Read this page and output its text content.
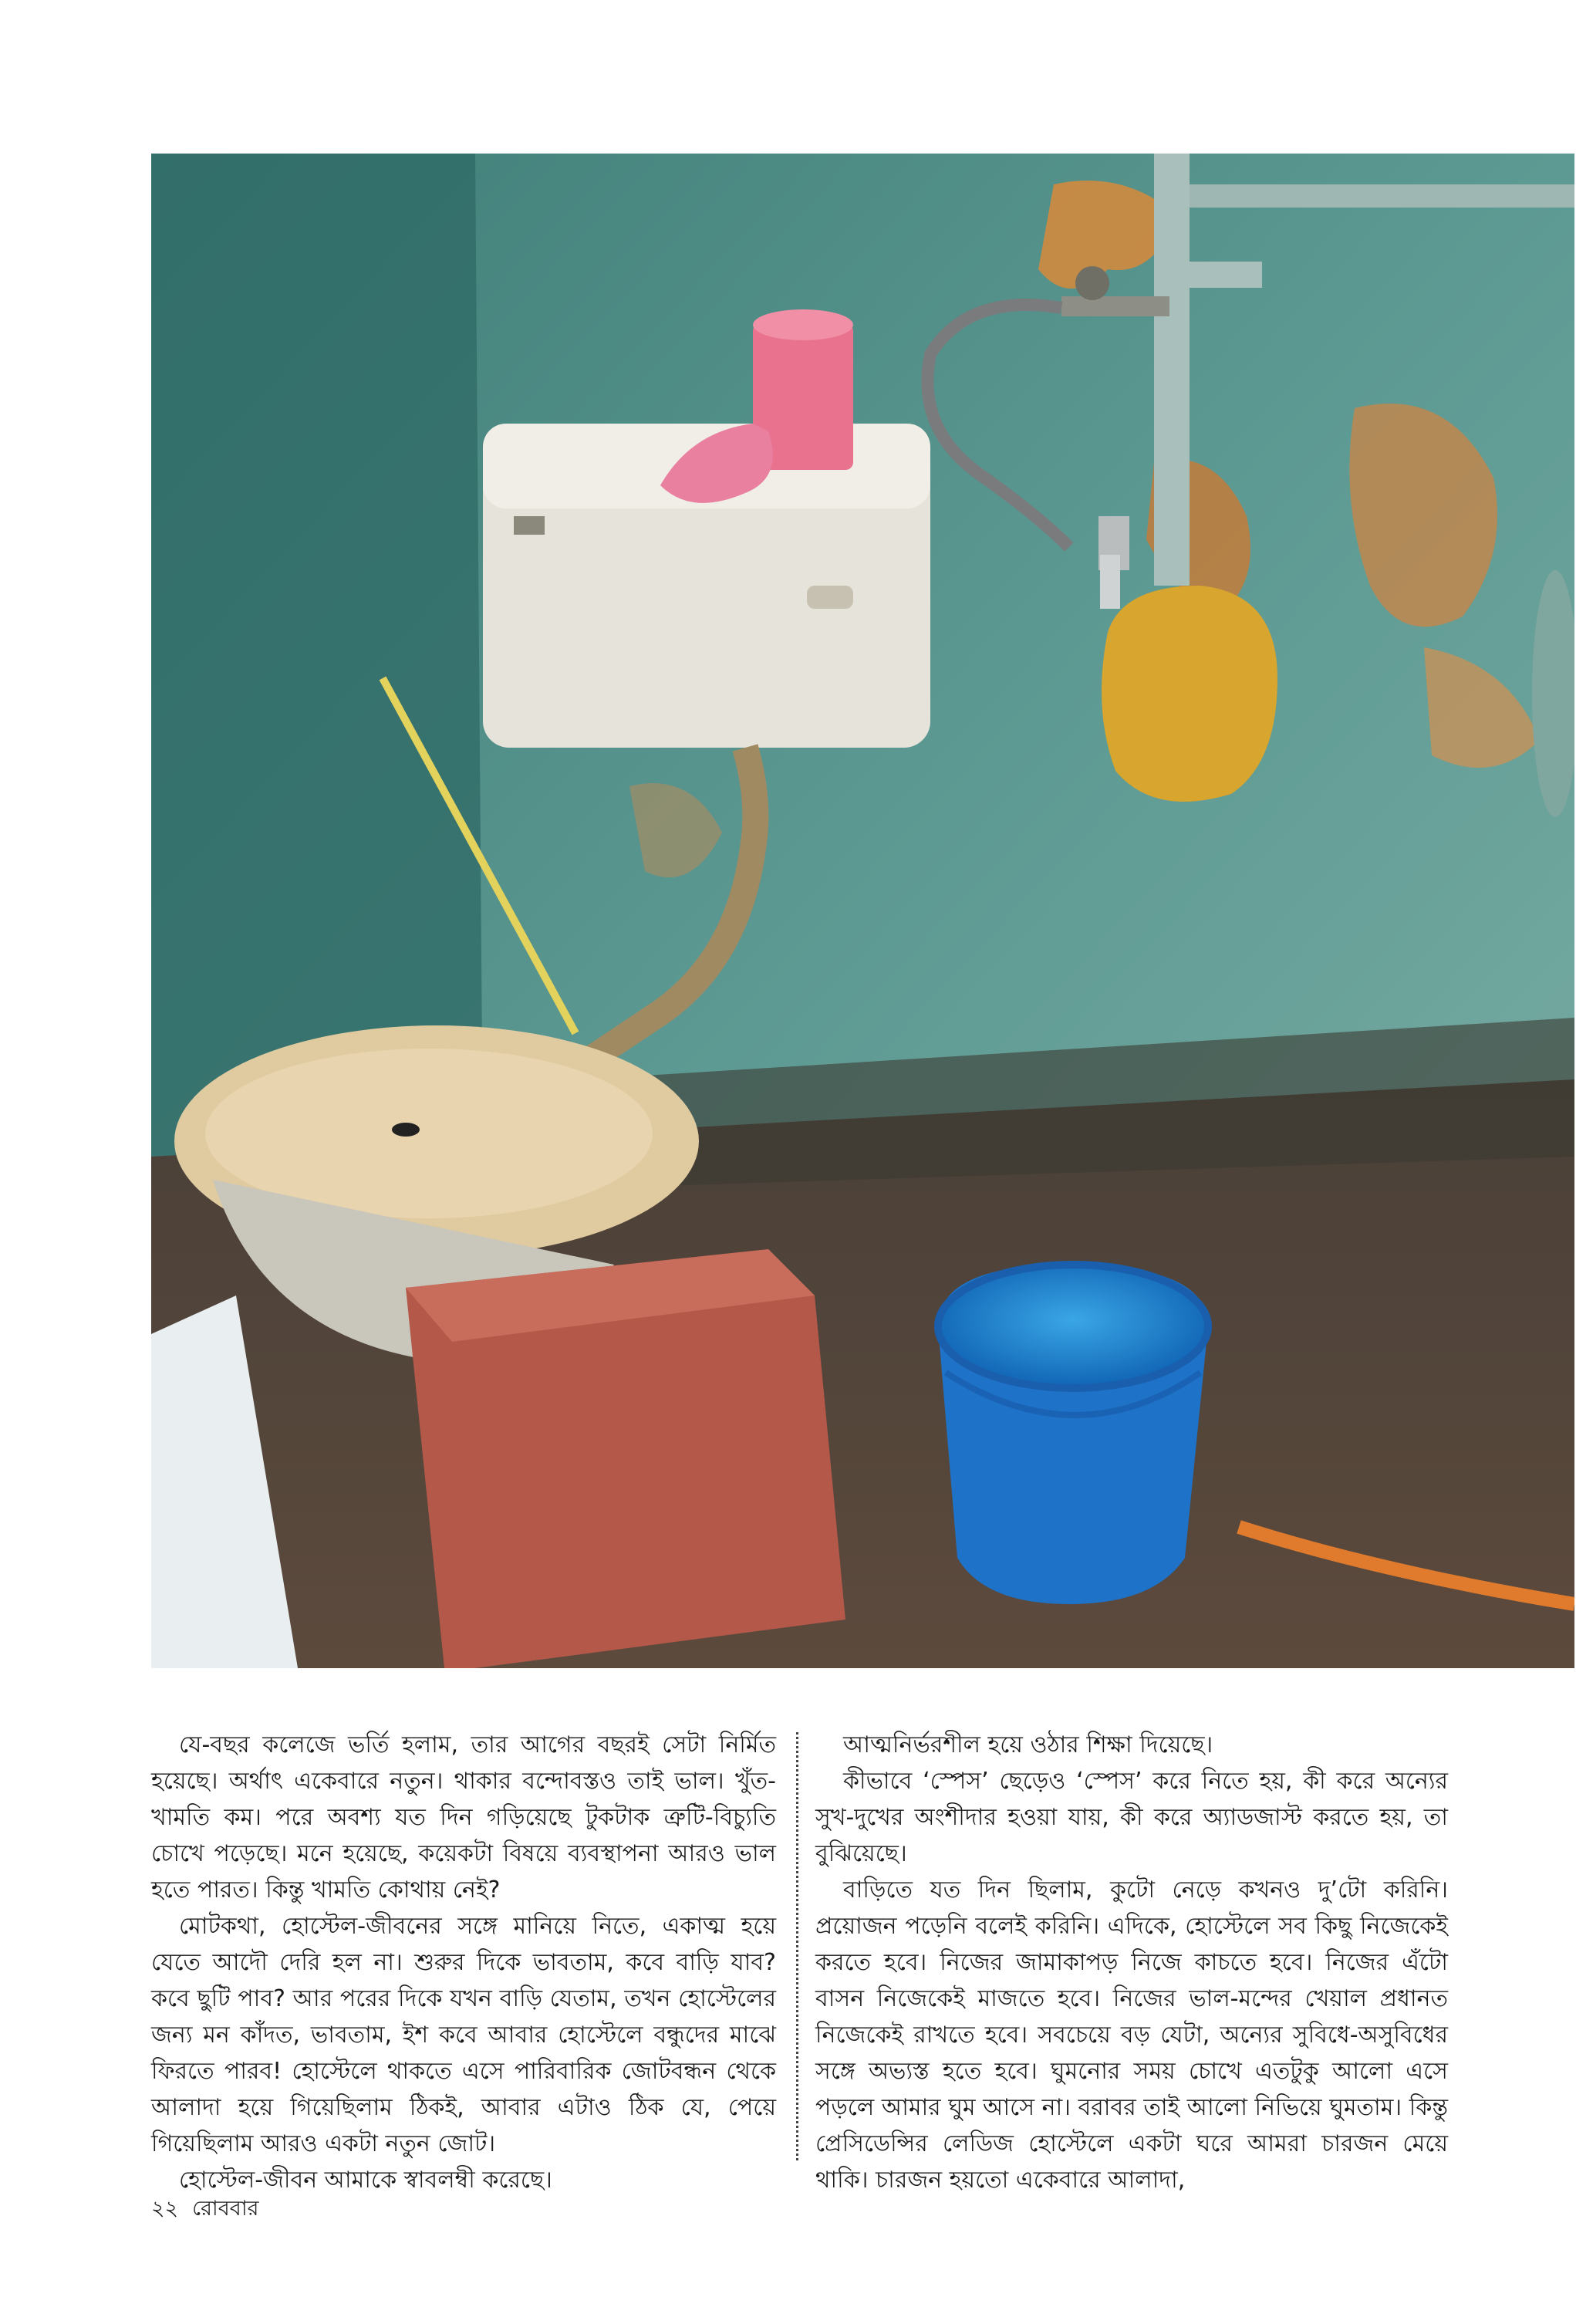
যে-বছর কলেজে ভর্তি হলাম, তার আগের বছরই সেটা নির্মিত হয়েছে। অর্থাৎ একেবারে নতুন। থাকার বন্দোবস্তও তাই ভাল। খুঁত-খামতি কম। পরে অবশ্য যত দিন গড়িয়েছে টুকটাক ত্রুটি-বিচ্যুতি চোখে পড়েছে। মনে হয়েছে, কয়েকটা বিষয়ে ব্যবস্থাপনা আরও ভাল হতে পারত। কিন্তু খামতি কোথায় নেই?

মোটকথা, হোস্টেল-জীবনের সঙ্গে মানিয়ে নিতে, একাত্ম হয়ে যেতে আদৌ দেরি হল না। শুরুর দিকে ভাবতাম, কবে বাড়ি যাব? কবে ছুটি পাব? আর পরের দিকে যখন বাড়ি যেতাম, তখন হোস্টেলের জন্য মন কাঁদত, ভাবতাম, ইশ কবে আবার হোস্টেলে বন্ধুদের মাঝে ফিরতে পারব! হোস্টেলে থাকতে এসে পারিবারিক জোটবন্ধন থেকে আলাদা হয়ে গিয়েছিলাম ঠিকই, আবার এটাও ঠিক যে, পেয়ে গিয়েছিলাম আরও একটা নতুন জোট।

হোস্টেল-জীবন আমাকে স্বাবলম্বী করেছে।

আত্মনির্ভরশীল হয়ে ওঠার শিক্ষা দিয়েছে।

কীভাবে ‘স্পেস’ ছেড়েও ‘স্পেস’ করে নিতে হয়, কী করে অন্যের সুখ-দুখের অংশীদার হওয়া যায়, কী করে অ্যাডজাস্ট করতে হয়, তা বুঝিয়েছে।

বাড়িতে যত দিন ছিলাম, কুটো নেড়ে কখনও দু’টো করিনি। প্রয়োজন পড়েনি বলেই করিনি। এদিকে, হোস্টেলে সব কিছু নিজেকেই করতে হবে। নিজের জামাকাপড় নিজে কাচতে হবে। নিজের এঁটো বাসন নিজেকেই মাজতে হবে। নিজের ভাল-মন্দের খেয়াল প্রধানত নিজেকেই রাখতে হবে। সবচেয়ে বড় যেটা, অন্যের সুবিধে-অসুবিধের সঙ্গে অভ্যস্ত হতে হবে। ঘুমনোর সময় চোখে এতটুকু আলো এসে পড়লে আমার ঘুম আসে না। বরাবর তাই আলো নিভিয়ে ঘুমতাম। কিন্তু প্রেসিডেন্সির লেডিজ হোস্টেলে একটা ঘরে আমরা চারজন মেয়ে থাকি। চারজন হয়তো একেবারে আলাদা,

২২ রোববার
